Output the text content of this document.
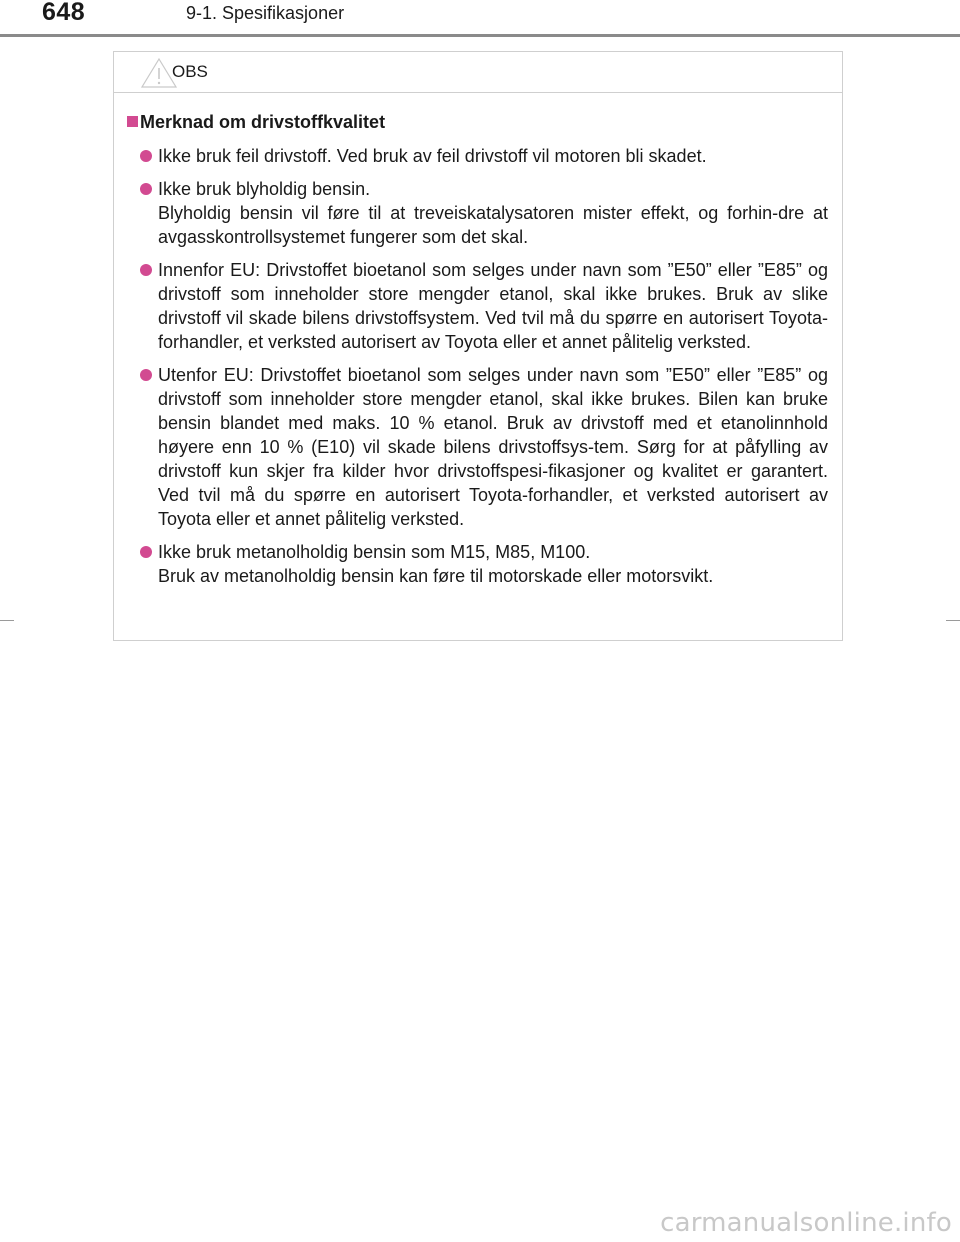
648	9-1. Spesifikasjoner
OBS
Merknad om drivstoffkvalitet

Ikke bruk feil drivstoff. Ved bruk av feil drivstoff vil motoren bli skadet.

Ikke bruk blyholdig bensin.

Blyholdig bensin vil føre til at treveiskatalysatoren mister effekt, og forhin-dre at avgasskontrollsystemet fungerer som det skal.

Innenfor EU: Drivstoffet bioetanol som selges under navn som ”E50” eller ”E85” og drivstoff som inneholder store mengder etanol, skal ikke brukes. Bruk av slike drivstoff vil skade bilens drivstoffsystem. Ved tvil må du spørre en autorisert Toyota-forhandler, et verksted autorisert av Toyota eller et annet pålitelig verksted.

Utenfor EU: Drivstoffet bioetanol som selges under navn som ”E50” eller ”E85” og drivstoff som inneholder store mengder etanol, skal ikke brukes. Bilen kan bruke bensin blandet med maks. 10 % etanol. Bruk av drivstoff med et etanolinnhold høyere enn 10 % (E10) vil skade bilens drivstoffsys-tem. Sørg for at påfylling av drivstoff kun skjer fra kilder hvor drivstoffspesi-fikasjoner og kvalitet er garantert. Ved tvil må du spørre en autorisert Toyota-forhandler, et verksted autorisert av Toyota eller et annet pålitelig verksted.

Ikke bruk metanolholdig bensin som M15, M85, M100.

Bruk av metanolholdig bensin kan føre til motorskade eller motorsvikt.

carmanualsonline.info
